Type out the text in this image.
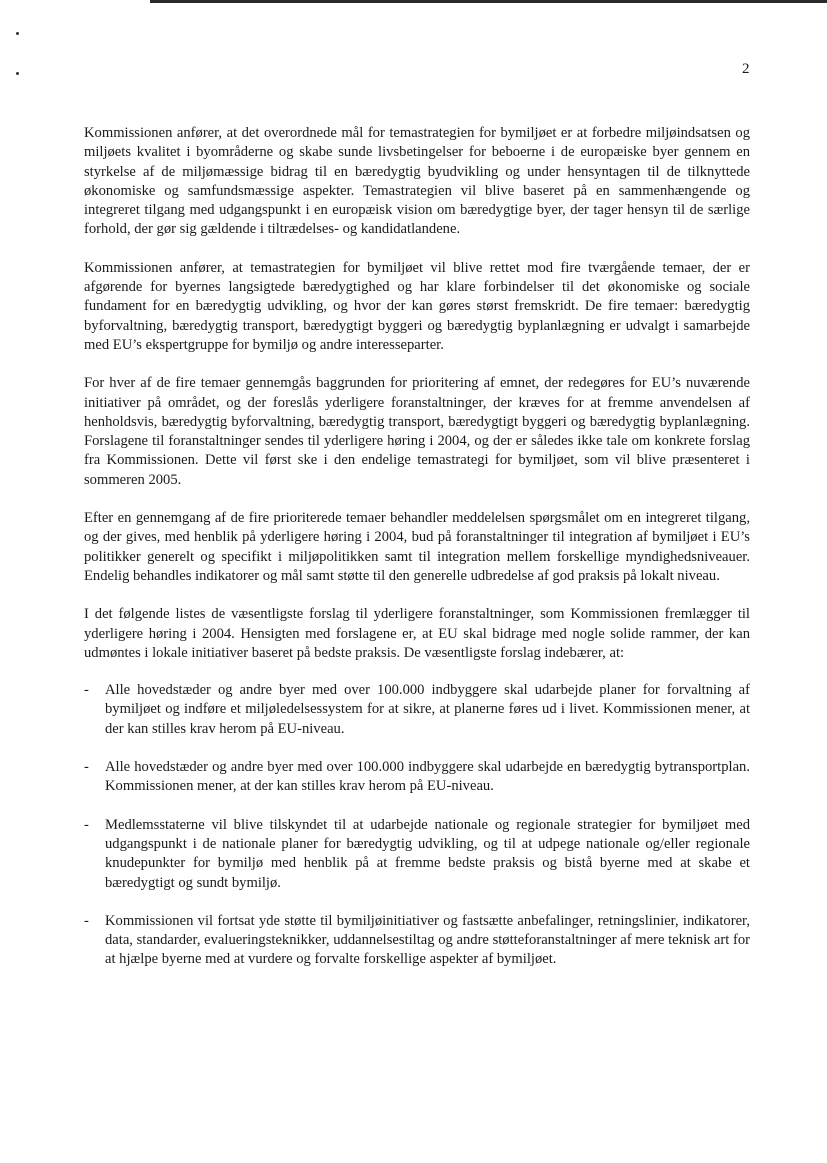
2

Kommissionen anfører, at det overordnede mål for temastrategien for bymiljøet er at forbedre miljøindsatsen og miljøets kvalitet i byområderne og skabe sunde livsbetingelser for beboerne i de europæiske byer gennem en styrkelse af de miljømæssige bidrag til en bæredygtig byudvikling og under hensyntagen til de tilknyttede økonomiske og samfundsmæssige aspekter. Temastrategien vil blive baseret på en sammenhængende og integreret tilgang med udgangspunkt i en europæisk vision om bæredygtige byer, der tager hensyn til de særlige forhold, der gør sig gældende i tiltrædelses- og kandidatlandene.

Kommissionen anfører, at temastrategien for bymiljøet vil blive rettet mod fire tværgående temaer, der er afgørende for byernes langsigtede bæredygtighed og har klare forbindelser til det økonomiske og sociale fundament for en bæredygtig udvikling, og hvor der kan gøres størst fremskridt. De fire temaer: bæredygtig byforvaltning, bæredygtig transport, bæredygtigt byggeri og bæredygtig byplanlægning er udvalgt i samarbejde med EU’s ekspertgruppe for bymiljø og andre interesseparter.

For hver af de fire temaer gennemgås baggrunden for prioritering af emnet, der redegøres for EU’s nuværende initiativer på området, og der foreslås yderligere foranstaltninger, der kræves for at fremme anvendelsen af henholdsvis, bæredygtig byforvaltning, bæredygtig transport, bæredygtigt byggeri og bæredygtig byplanlægning. Forslagene til foranstaltninger sendes til yderligere høring i 2004, og der er således ikke tale om konkrete forslag fra Kommissionen. Dette vil først ske i den endelige temastrategi for bymiljøet, som vil blive præsenteret i sommeren 2005.

Efter en gennemgang af de fire prioriterede temaer behandler meddelelsen spørgsmålet om en integreret tilgang, og der gives, med henblik på yderligere høring i 2004, bud på foranstaltninger til integration af bymiljøet i EU’s politikker generelt og specifikt i miljøpolitikken samt til integration mellem forskellige myndighedsniveauer. Endelig behandles indikatorer og mål samt støtte til den generelle udbredelse af god praksis på lokalt niveau.

I det følgende listes de væsentligste forslag til yderligere foranstaltninger, som Kommissionen fremlægger til yderligere høring i 2004. Hensigten med forslagene er, at EU skal bidrage med nogle solide rammer, der kan udmøntes i lokale initiativer baseret på bedste praksis. De væsentligste forslag indebærer, at:

- Alle hovedstæder og andre byer med over 100.000 indbyggere skal udarbejde planer for forvaltning af bymiljøet og indføre et miljøledelsessystem for at sikre, at planerne føres ud i livet. Kommissionen mener, at der kan stilles krav herom på EU-niveau.
- Alle hovedstæder og andre byer med over 100.000 indbyggere skal udarbejde en bæredygtig bytransportplan. Kommissionen mener, at der kan stilles krav herom på EU-niveau.
- Medlemsstaterne vil blive tilskyndet til at udarbejde nationale og regionale strategier for bymiljøet med udgangspunkt i de nationale planer for bæredygtig udvikling, og til at udpege nationale og/eller regionale knudepunkter for bymiljø med henblik på at fremme bedste praksis og bistå byerne med at skabe et bæredygtigt og sundt bymiljø.
- Kommissionen vil fortsat yde støtte til bymiljøinitiativer og fastsætte anbefalinger, retningslinier, indikatorer, data, standarder, evalueringsteknikker, uddannelsestiltag og andre støtteforanstaltninger af mere teknisk art for at hjælpe byerne med at vurdere og forvalte forskellige aspekter af bymiljøet.
